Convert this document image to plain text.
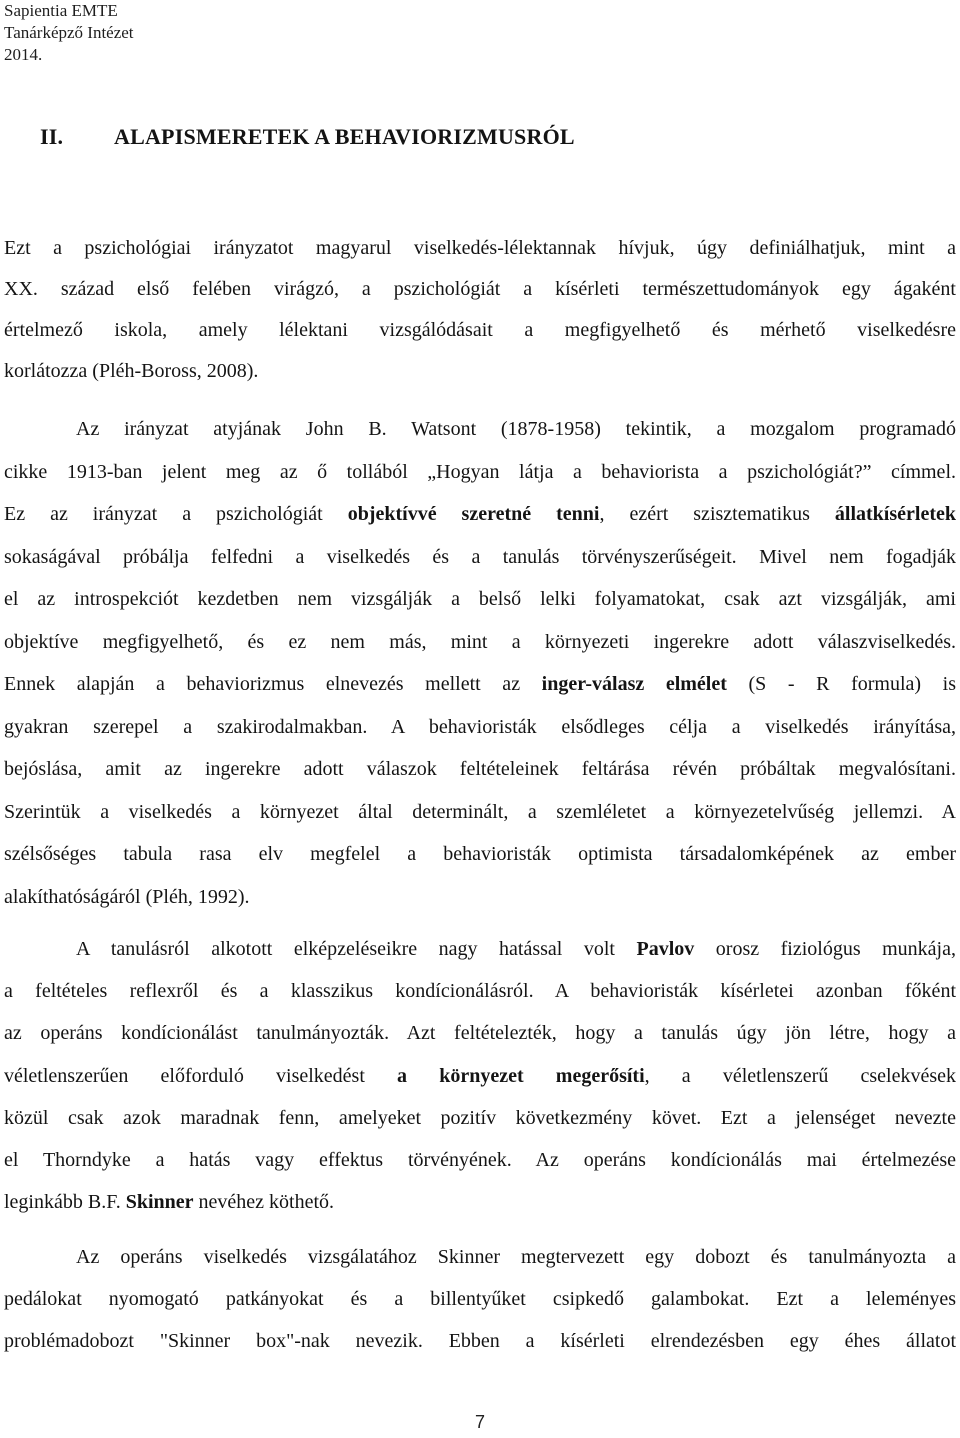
Sapientia EMTE
Tanárképző Intézet
2014.
II. ALAPISMERETEK A BEHAVIORIZMUSRÓL
Ezt a pszichológiai irányzatot magyarul viselkedés-lélektannak hívjuk, úgy definiálhatjuk, mint a
XX. század első felében virágzó, a pszichológiát a kísérleti természettudományok egy ágaként
értelmező iskola, amely lélektani vizsgálódásait a megfigyelhető és mérhető viselkedésre
korlátozza (Pléh-Boross, 2008).
Az irányzat atyjának John B. Watsont (1878-1958) tekintik, a mozgalom programadó
cikke 1913-ban jelent meg az ő tollából „Hogyan látja a behaviorista a pszichológiát?” címmel.
Ez az irányzat a pszichológiát objektívvé szeretné tenni, ezért szisztematikus állatkísérletek
sokaságával próbálja felfedni a viselkedés és a tanulás törvényszerűségeit. Mivel nem fogadják
el az introspekciót kezdetben nem vizsgálják a belső lelki folyamatokat, csak azt vizsgálják, ami
objektíve megfigyelhető, és ez nem más, mint a környezeti ingerekre adott válaszviselkedés.
Ennek alapján a behaviorizmus elnevezés mellett az inger-válasz elmélet (S - R formula) is
gyakran szerepel a szakirodalmakban. A behavioristák elsődleges célja a viselkedés irányítása,
bejóslása, amit az ingerekre adott válaszok feltételeinek feltárása révén próbáltak megvalósítani.
Szerintük a viselkedés a környezet által determinált, a szemléletet a környezetelvűség jellemzi. A
szélsőséges tabula rasa elv megfelel a behavioristák optimista társadalomképének az ember
alakíthatóságáról (Pléh, 1992).
A tanulásról alkotott elképzeléseikre nagy hatással volt Pavlov orosz fiziológus munkája,
a feltételes reflexről és a klasszikus kondícionálásról. A behavioristák kísérletei azonban főként
az operáns kondícionálást tanulmányozták. Azt feltételezték, hogy a tanulás úgy jön létre, hogy a
véletlenszerűen előforduló viselkedést a környezet megerősíti, a véletlenszerű cselekvések
közül csak azok maradnak fenn, amelyeket pozitív következmény követ. Ezt a jelenséget nevezte
el Thorndyke a hatás vagy effektus törvényének. Az operáns kondícionálás mai értelmezése
leginkább B.F. Skinner nevéhez köthető.
Az operáns viselkedés vizsgálatához Skinner megtervezett egy dobozt és tanulmányozta a
pedálokat nyomogató patkányokat és a billentyűket csipkedő galambokat. Ezt a leleményes
problémadobozt "Skinner box"-nak nevezik. Ebben a kísérleti elrendezésben egy éhes állatot
7
